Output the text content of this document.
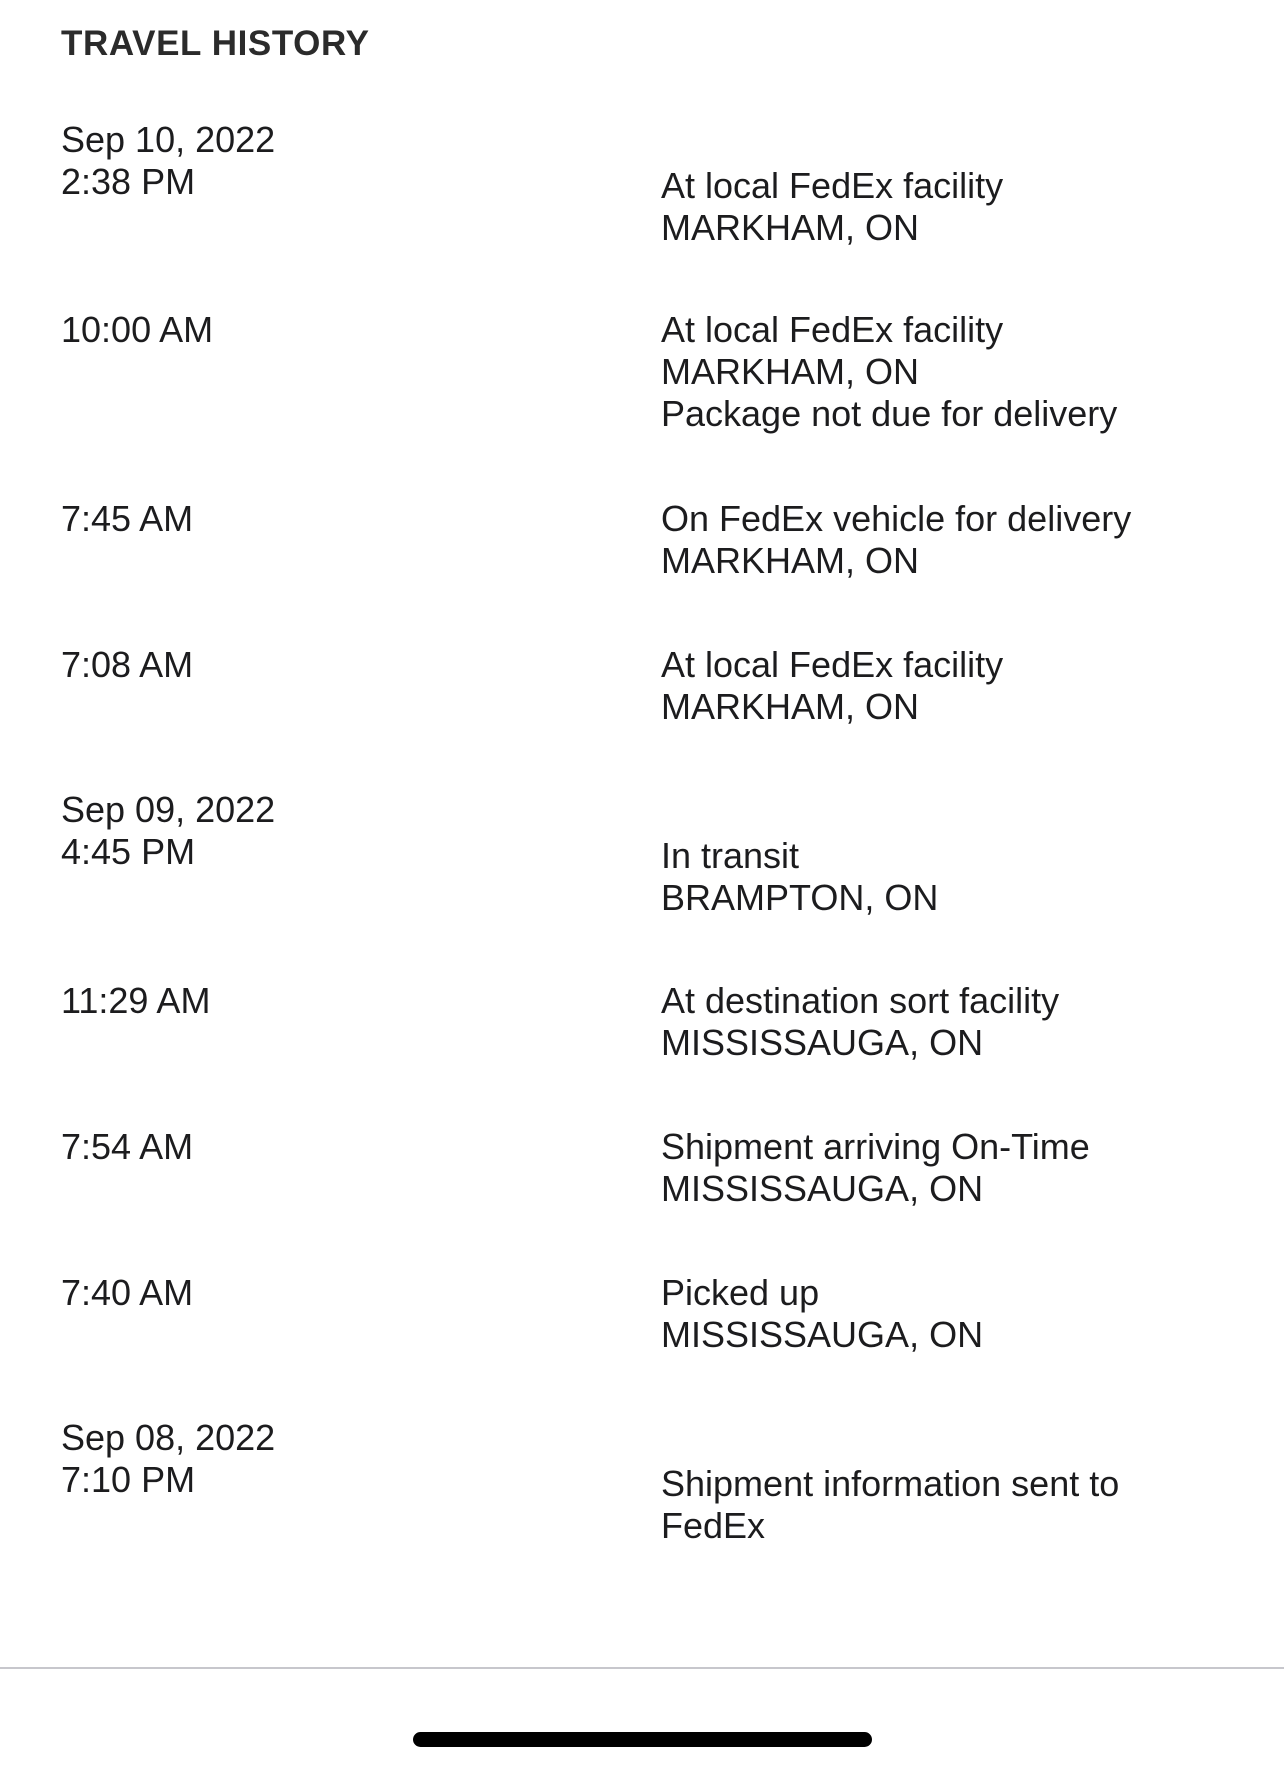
TRAVEL HISTORY
Sep 10, 2022
2:38 PM	At local FedEx facility
MARKHAM, ON
10:00 AM	At local FedEx facility
MARKHAM, ON
Package not due for delivery
7:45 AM	On FedEx vehicle for delivery
MARKHAM, ON
7:08 AM	At local FedEx facility
MARKHAM, ON
Sep 09, 2022
4:45 PM	In transit
BRAMPTON, ON
11:29 AM	At destination sort facility
MISSISSAUGA, ON
7:54 AM	Shipment arriving On-Time
MISSISSAUGA, ON
7:40 AM	Picked up
MISSISSAUGA, ON
Sep 08, 2022
7:10 PM	Shipment information sent to FedEx
